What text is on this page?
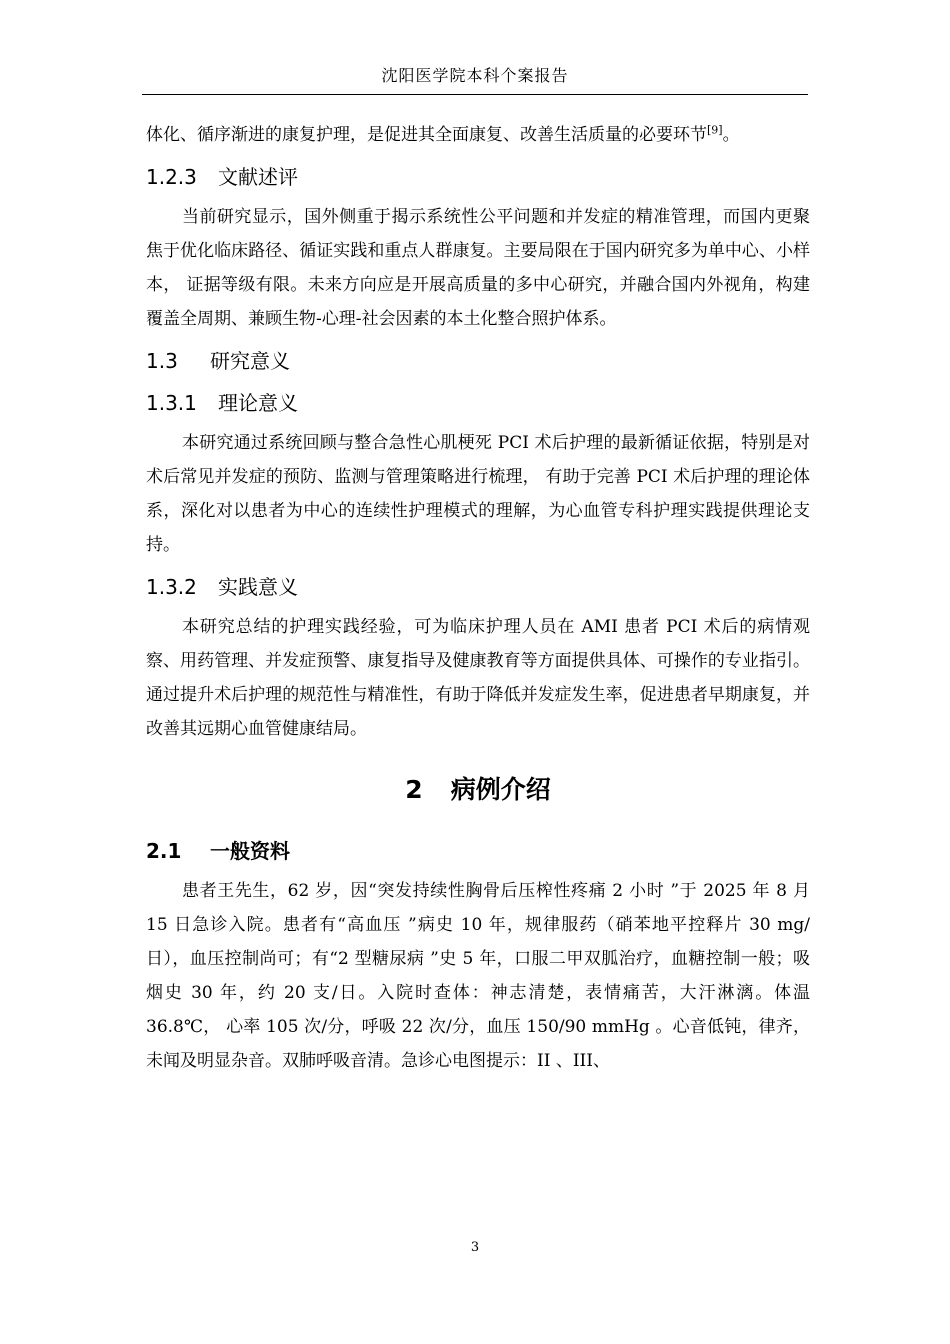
沈阳医学院本科个案报告

体化、循序渐进的康复护理，是促进其全面康复、改善生活质量的必要环节[9]。

1.2.3 文献述评

当前研究显示，国外侧重于揭示系统性公平问题和并发症的精准管理，而国内更聚焦于优化临床路径、循证实践和重点人群康复。主要局限在于国内研究多为单中心、小样本， 证据等级有限。未来方向应是开展高质量的多中心研究，并融合国内外视角，构建覆盖全周期、兼顾生物-心理-社会因素的本土化整合照护体系。

1.3 研究意义
1.3.1 理论意义

本研究通过系统回顾与整合急性心肌梗死 PCI 术后护理的最新循证依据，特别是对术后常见并发症的预防、监测与管理策略进行梳理， 有助于完善 PCI 术后护理的理论体系，深化对以患者为中心的连续性护理模式的理解，为心血管专科护理实践提供理论支持。

1.3.2 实践意义

本研究总结的护理实践经验，可为临床护理人员在 AMI 患者 PCI 术后的病情观察、用药管理、并发症预警、康复指导及健康教育等方面提供具体、可操作的专业指引。通过提升术后护理的规范性与精准性，有助于降低并发症发生率，促进患者早期康复，并改善其远期心血管健康结局。

2 病例介绍
2.1 一般资料

患者王先生，62 岁，因“突发持续性胸骨后压榨性疼痛 2 小时 ”于 2025 年 8 月 15 日急诊入院。患者有“高血压 ”病史 10 年，规律服药（硝苯地平控释片 30 mg/日），血压控制尚可；有“2 型糖尿病 ”史 5 年，口服二甲双胍治疗，血糖控制一般；吸烟史 30 年，约 20 支/日。入院时查体：神志清楚，表情痛苦，大汗淋漓。体温 36.8℃， 心率 105 次/分，呼吸 22 次/分，血压 150/90 mmHg 。心音低钝，律齐，未闻及明显杂音。双肺呼吸音清。急诊心电图提示：II 、III、

3
